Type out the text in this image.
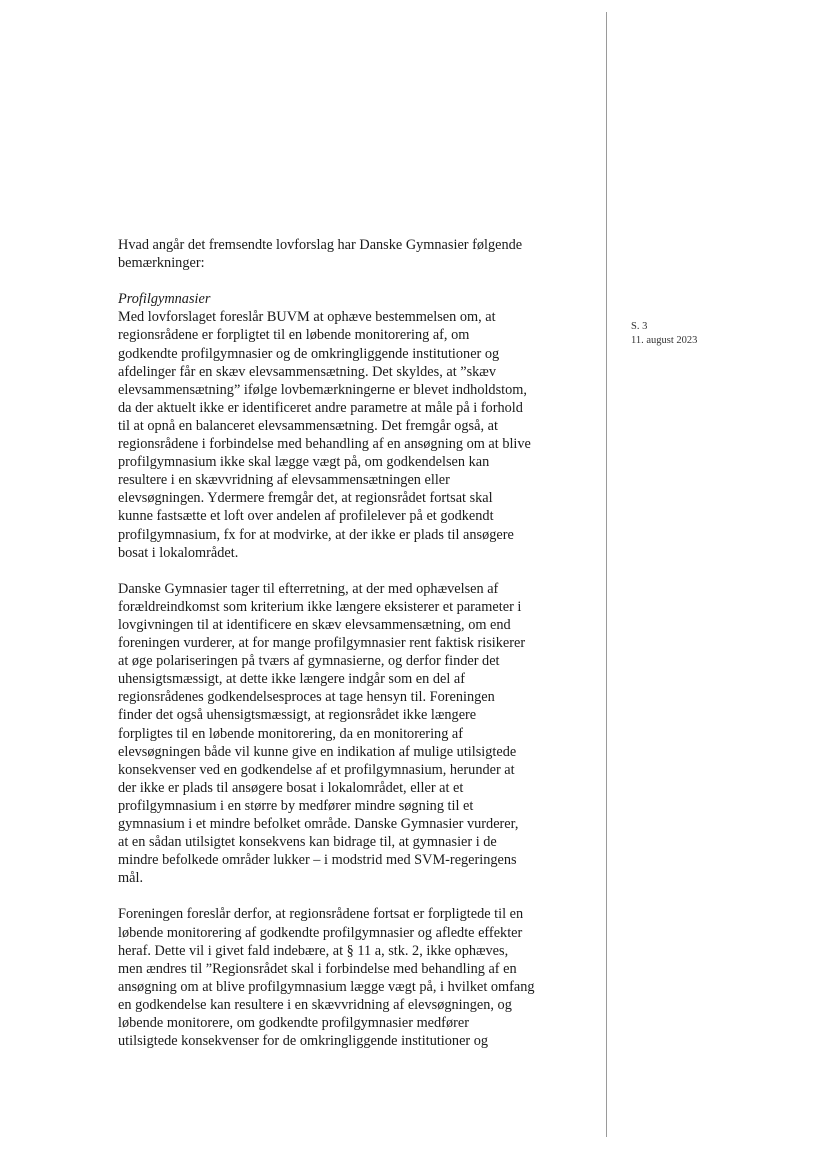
Hvad angår det fremsendte lovforslag har Danske Gymnasier følgende
bemærkninger:

Profilgymnasier
Med lovforslaget foreslår BUVM at ophæve bestemmelsen om, at
regionsrådene er forpligtet til en løbende monitorering af, om
godkendte profilgymnasier og de omkringliggende institutioner og
afdelinger får en skæv elevsammensætning. Det skyldes, at ”skæv
elevsammensætning” ifølge lovbemærkningerne er blevet indholdstom,
da der aktuelt ikke er identificeret andre parametre at måle på i forhold
til at opnå en balanceret elevsammensætning. Det fremgår også, at
regionsrådene i forbindelse med behandling af en ansøgning om at blive
profilgymnasium ikke skal lægge vægt på, om godkendelsen kan
resultere i en skævvridning af elevsammensætningen eller
elevsøgningen. Ydermere fremgår det, at regionsrådet fortsat skal
kunne fastsætte et loft over andelen af profilelever på et godkendt
profilgymnasium, fx for at modvirke, at der ikke er plads til ansøgere
bosat i lokalområdet.

Danske Gymnasier tager til efterretning, at der med ophævelsen af
forældreindkomst som kriterium ikke længere eksisterer et parameter i
lovgivningen til at identificere en skæv elevsammensætning, om end
foreningen vurderer, at for mange profilgymnasier rent faktisk risikerer
at øge polariseringen på tværs af gymnasierne, og derfor finder det
uhensigtsmæssigt, at dette ikke længere indgår som en del af
regionsrådenes godkendelsesproces at tage hensyn til. Foreningen
finder det også uhensigtsmæssigt, at regionsrådet ikke længere
forpligtes til en løbende monitorering, da en monitorering af
elevsøgningen både vil kunne give en indikation af mulige utilsigtede
konsekvenser ved en godkendelse af et profilgymnasium, herunder at
der ikke er plads til ansøgere bosat i lokalområdet, eller at et
profilgymnasium i en større by medfører mindre søgning til et
gymnasium i et mindre befolket område. Danske Gymnasier vurderer,
at en sådan utilsigtet konsekvens kan bidrage til, at gymnasier i de
mindre befolkede områder lukker – i modstrid med SVM-regeringens
mål.

Foreningen foreslår derfor, at regionsrådene fortsat er forpligtede til en
løbende monitorering af godkendte profilgymnasier og afledte effekter
heraf. Dette vil i givet fald indebære, at § 11 a, stk. 2, ikke ophæves,
men ændres til ”Regionsrådet skal i forbindelse med behandling af en
ansøgning om at blive profilgymnasium lægge vægt på, i hvilket omfang
en godkendelse kan resultere i en skævvridning af elevsøgningen, og
løbende monitorere, om godkendte profilgymnasier medfører
utilsigtede konsekvenser for de omkringliggende institutioner og

S. 3
11. august 2023
